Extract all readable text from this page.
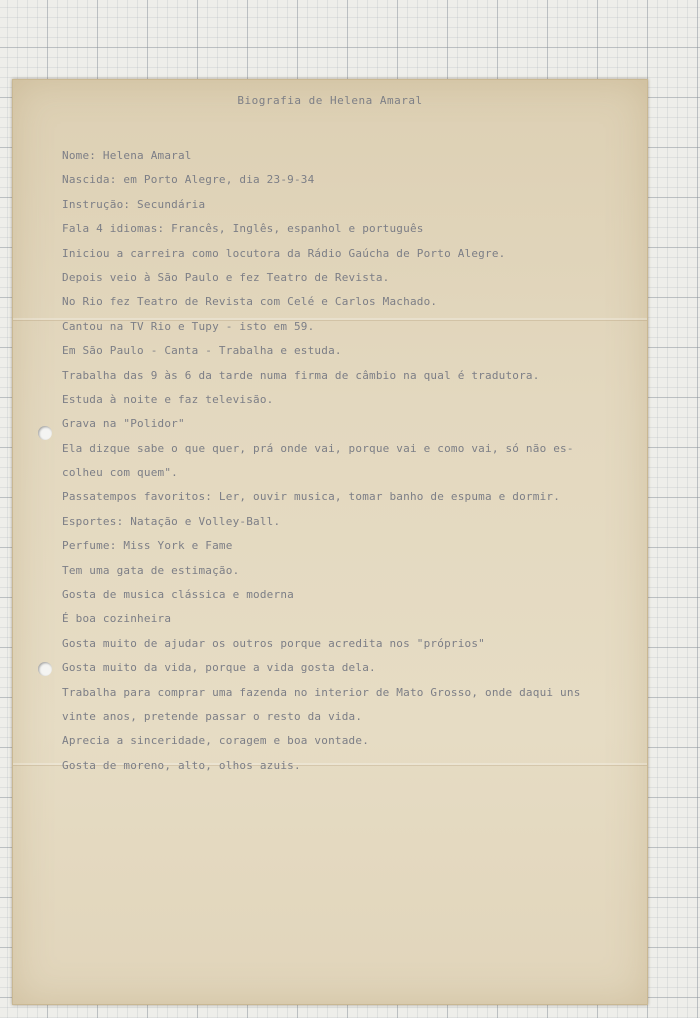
Biografia de Helena Amaral
Nome: Helena Amaral
Nascida: em Porto Alegre, dia 23-9-34
Instrução: Secundária
Fala 4 idiomas: Francês, Inglês, espanhol e português
Iniciou a carreira como locutora da Rádio Gaúcha de Porto Alegre.
Depois veio à São Paulo e fez Teatro de Revista.
No Rio fez Teatro de Revista com Celé e Carlos Machado.
Cantou na TV Rio e Tupy - isto em 59.
Em São Paulo - Canta - Trabalha e estuda.
Trabalha das 9 às 6 da tarde numa firma de câmbio na qual é tradutora.
Estuda à noite e faz televisão.
Grava na "Polidor"
Ela dizque sabe o que quer, prá onde vai, porque vai e como vai, só não es-
colheu com quem".
Passatempos favoritos: Ler, ouvir musica, tomar banho de espuma e dormir.
Esportes: Natação e Volley-Ball.
Perfume: Miss York e Fame
Tem uma gata de estimação.
Gosta de musica clássica e moderna
É boa cozinheira
Gosta muito de ajudar os outros porque acredita nos "próprios"
Gosta muito da vida, porque a vida gosta dela.
Trabalha para comprar uma fazenda no interior de Mato Grosso, onde daqui uns
vinte anos, pretende passar o resto da vida.
Aprecia a sinceridade, coragem e boa vontade.
Gosta de moreno, alto, olhos azuis.
